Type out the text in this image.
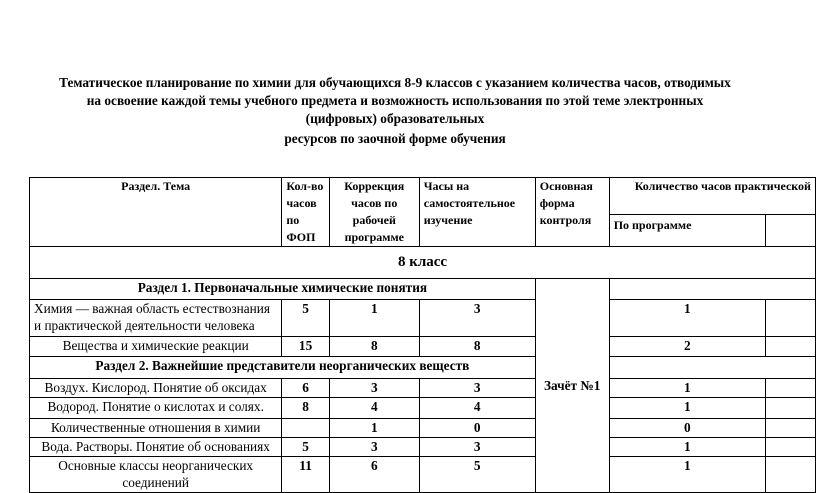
Тематическое планирование по химии для обучающихся 8-9 классов с указанием количества часов, отводимых
на освоение каждой темы учебного предмета и возможность использования по этой теме электронных
(цифровых) образовательных
ресурсов по заочной форме обучения
Раздел. Тема	Кол-во часов по ФОП	Коррекция часов по рабочей программе	Часы на самостоятельное изучение	Основная форма контроля	Количество часов практической	
					По программе	
8 класс						
Раздел 1. Первоначальные химические понятия				Зачёт №1		
Химия — важная область естествознания и практической деятельности человека	5	1	3		1	
Вещества и химические реакции	15	8	8		2	
Раздел 2. Важнейшие представители неорганических веществ						
Воздух. Кислород. Понятие об оксидах	6	3	3		1	
Водород. Понятие о кислотах и солях.	8	4	4		1	
Количественные отношения в химии		1	0		0	
Вода. Растворы. Понятие об основаниях	5	3	3		1	
Основные классы неорганических соединений	11	6	5		1	
